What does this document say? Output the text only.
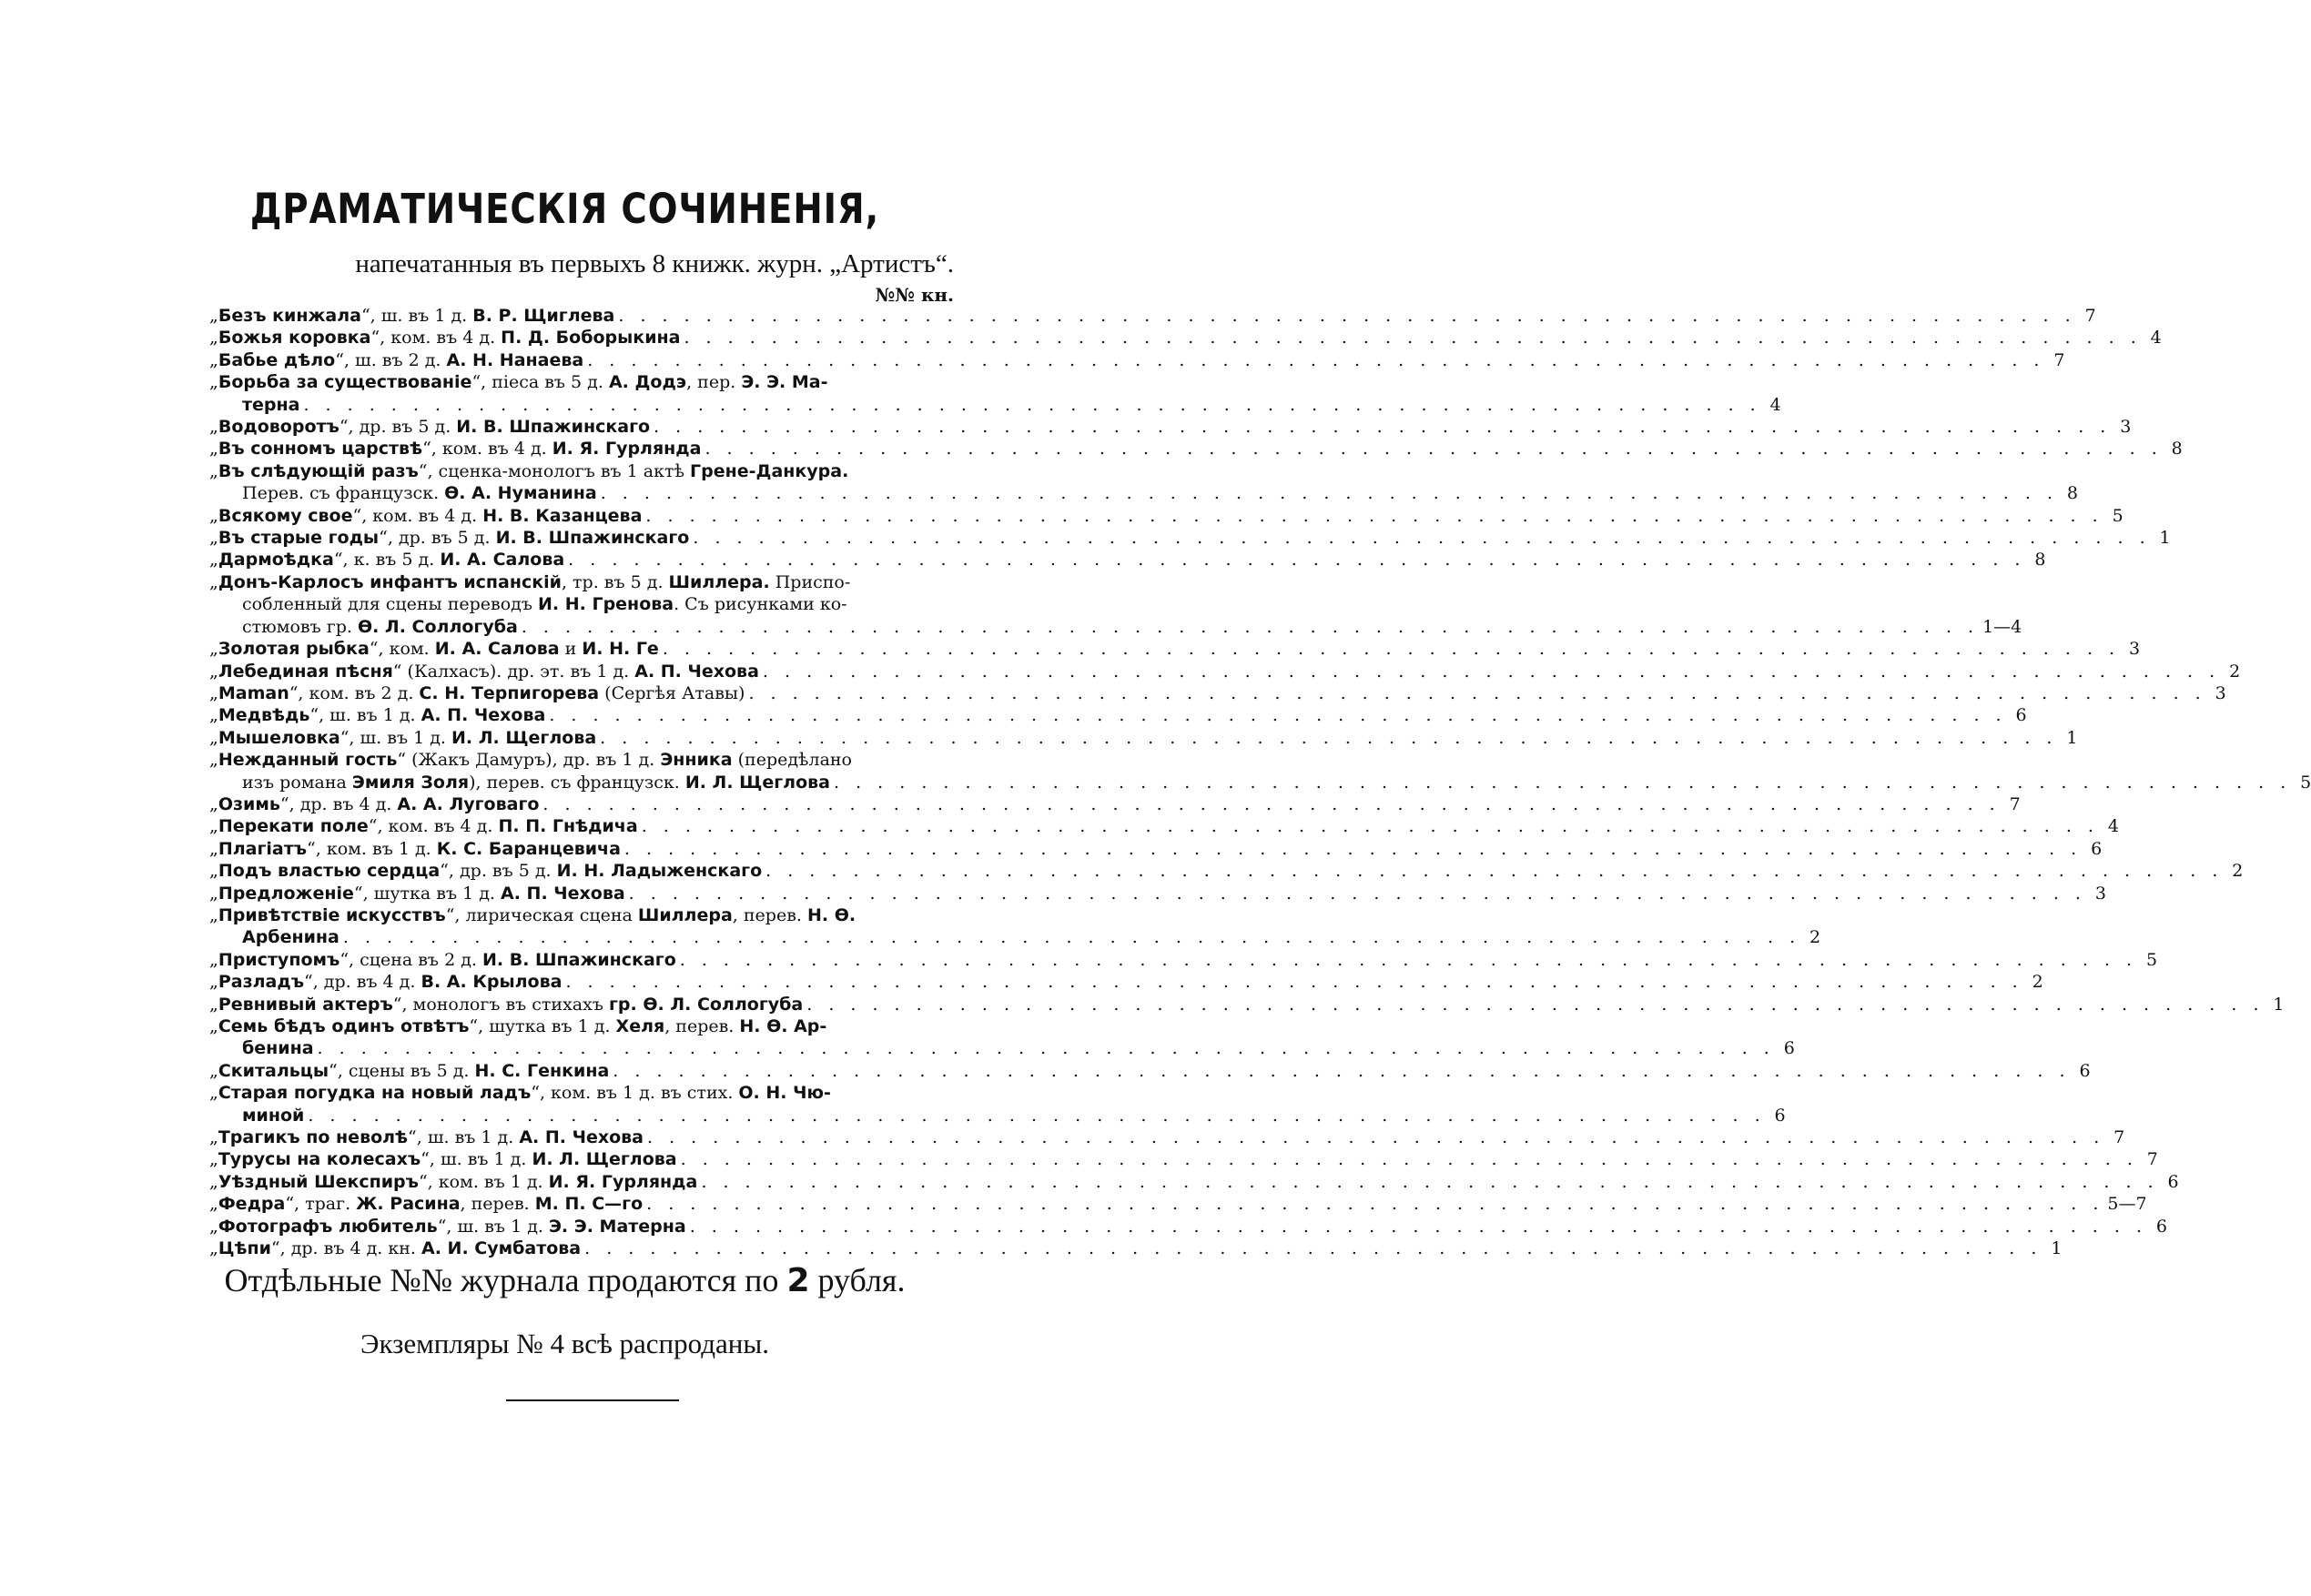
ДРАМАТИЧЕСКІЯ СОЧИНЕНІЯ,

напечатанныя въ первыхъ 8 книжк. журн. „Артистъ“.

№№ кн.

„Безъ кинжала“, ш. въ 1 д. В. Р. Щиглева . . .	7
„Божья коровка“, ком. въ 4 д. П. Д. Боборыкина . . .	4
„Бабье дѣло“, ш. въ 2 д. А. Н. Нанаева . . .	7
„Борьба за существованіе“, піеса въ 5 д. А. Додэ, пер. Э. Э. Ма-
терна . . .	4
„Водоворотъ“, др. въ 5 д. И. В. Шпажинскаго . . .	3
„Въ сонномъ царствѣ“, ком. въ 4 д. И. Я. Гурлянда . . .	8
„Въ слѣдующій разъ“, сценка-монологъ въ 1 актѣ Грене-Данкура.
Перев. съ французск. Ѳ. А. Нуманина . . .	8
„Всякому свое“, ком. въ 4 д. Н. В. Казанцева . . .	5
„Въ старые годы“, др. въ 5 д. И. В. Шпажинскаго . . .	1
„Дармоѣдка“, к. въ 5 д. И. А. Салова . . .	8
„Донъ-Карлосъ инфантъ испанскій, тр. въ 5 д. Шиллера. Приспо-
собленный для сцены переводъ И. Н. Гренова. Съ рисунками ко-
стюмовъ гр. Ѳ. Л. Соллогуба . . .	1—4
„Золотая рыбка“, ком. И. А. Салова и И. Н. Ге . . .	3
„Лебединая пѣсня“ (Калхасъ). др. эт. въ 1 д. А. П. Чехова . . .	2
„Maman“, ком. въ 2 д. С. Н. Терпигорева (Сергѣя Атавы) . . .	3
„Медвѣдь“, ш. въ 1 д. А. П. Чехова . . .	6
„Мышеловка“, ш. въ 1 д. И. Л. Щеглова . . .	1
„Нежданный гость“ (Жакъ Дамуръ), др. въ 1 д. Энника (передѣлано
изъ романа Эмиля Золя), перев. съ французск. И. Л. Щеглова . . .	5
„Озимь“, др. въ 4 д. А. А. Луговаго . . .	7
„Перекати поле“, ком. въ 4 д. П. П. Гнѣдича . . .	4
„Плагіатъ“, ком. въ 1 д. К. С. Баранцевича . . .	6
„Подъ властью сердца“, др. въ 5 д. И. Н. Ладыженскаго . . .	2
„Предложеніе“, шутка въ 1 д. А. П. Чехова . . .	3
„Привѣтствіе искусствъ“, лирическая сцена Шиллера, перев. Н. Ѳ.
Арбенина . . .	2
„Приступомъ“, сцена въ 2 д. И. В. Шпажинскаго . . .	5
„Разладъ“, др. въ 4 д. В. А. Крылова . . .	2
„Ревнивый актеръ“, монологъ въ стихахъ гр. Ѳ. Л. Соллогуба . . .	1
„Семь бѣдъ одинъ отвѣтъ“, шутка въ 1 д. Хеля, перев. Н. Ѳ. Ар-
бенина . . .	6
„Скитальцы“, сцены въ 5 д. Н. С. Генкина . . .	6
„Старая погудка на новый ладъ“, ком. въ 1 д. въ стих. О. Н. Чю-
миной . . .	6
„Трагикъ по неволѣ“, ш. въ 1 д. А. П. Чехова . . .	7
„Турусы на колесахъ“, ш. въ 1 д. И. Л. Щеглова . . .	7
„Уѣздный Шекспиръ“, ком. въ 1 д. И. Я. Гурлянда . . .	6
„Федра“, траг. Ж. Расина, перев. М. П. С—го . . .	5—7
„Фотографъ любитель“, ш. въ 1 д. Э. Э. Матерна . . .	6
„Цѣпи“, др. въ 4 д. кн. А. И. Сумбатова . . .	1

Отдѣльные №№ журнала продаются по 2 рубля.

Экземпляры № 4 всѣ распроданы.
